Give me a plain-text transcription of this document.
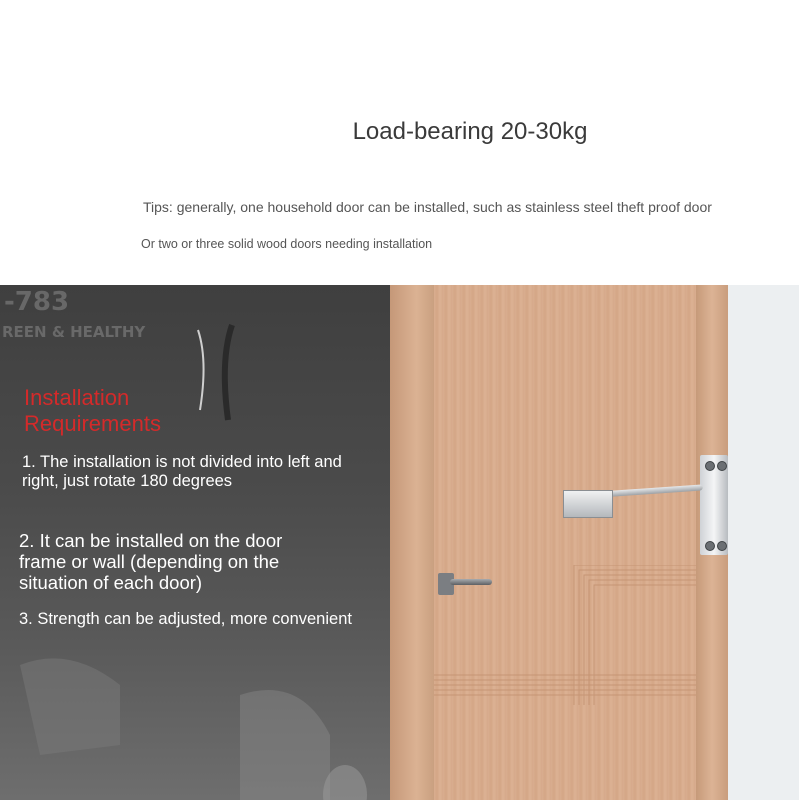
Load-bearing 20-30kg
Tips: generally, one household door can be installed, such as stainless steel theft proof door
Or two or three solid wood doors needing installation
-783
REEN & HEALTHY
Installation Requirements
1. The installation is not divided into left and right, just rotate 180 degrees
2. It can be installed on the door frame or wall (depending on the situation of each door)
3. Strength can be adjusted, more convenient
